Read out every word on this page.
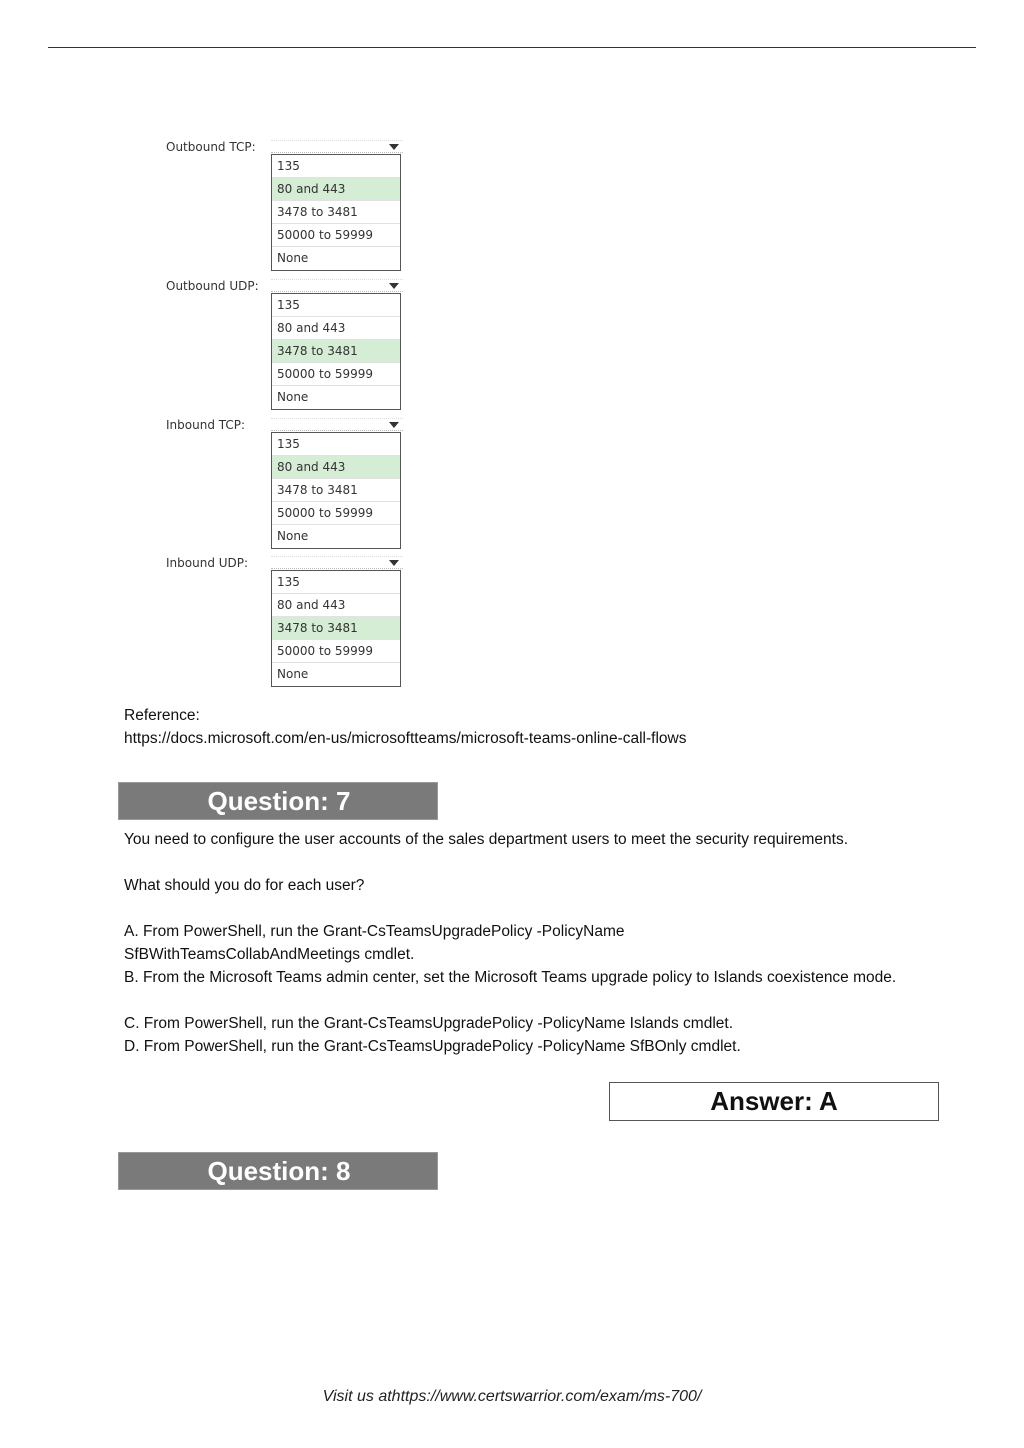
Outbound TCP:
135
80 and 443
3478 to 3481
50000 to 59999
None
Outbound UDP:
135
80 and 443
3478 to 3481
50000 to 59999
None
Inbound TCP:
135
80 and 443
3478 to 3481
50000 to 59999
None
Inbound UDP:
135
80 and 443
3478 to 3481
50000 to 59999
None
Reference:
https://docs.microsoft.com/en-us/microsoftteams/microsoft-teams-online-call-flows
Question: 7
You need to configure the user accounts of the sales department users to meet the security requirements.
What should you do for each user?
A. From PowerShell, run the Grant-CsTeamsUpgradePolicy -PolicyName SfBWithTeamsCollabAndMeetings cmdlet.
B. From the Microsoft Teams admin center, set the Microsoft Teams upgrade policy to Islands coexistence mode.
C. From PowerShell, run the Grant-CsTeamsUpgradePolicy -PolicyName Islands cmdlet.
D. From PowerShell, run the Grant-CsTeamsUpgradePolicy -PolicyName SfBOnly cmdlet.
Answer: A
Question: 8
Visit us athttps://www.certswarrior.com/exam/ms-700/
